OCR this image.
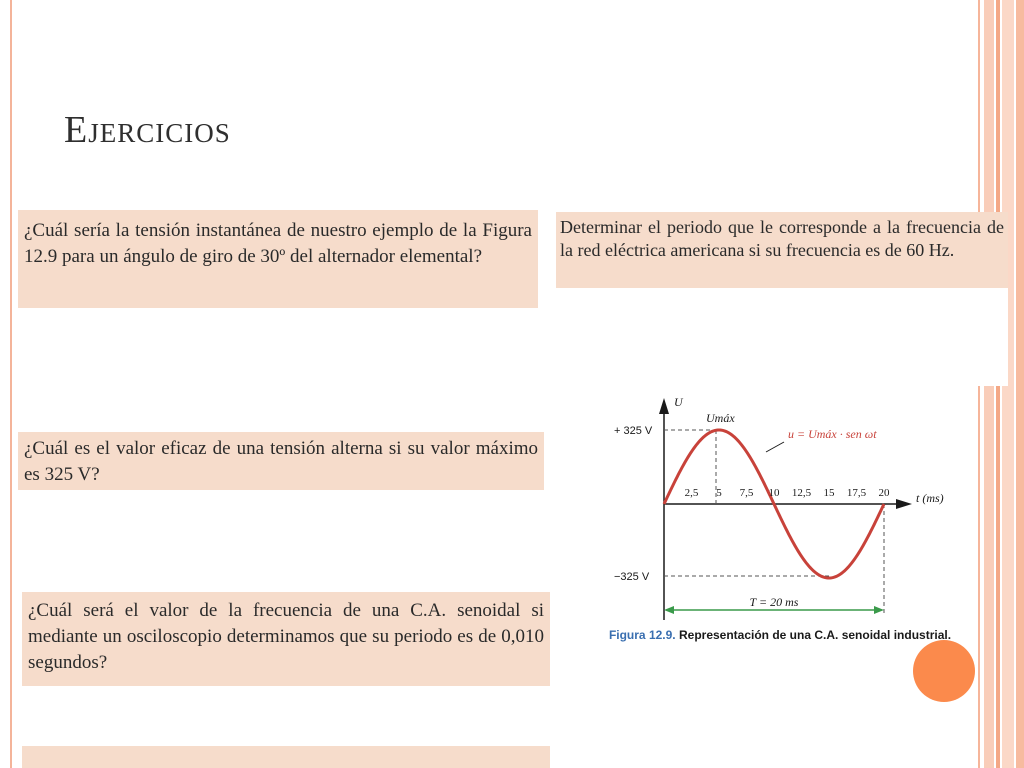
Ejercicios

¿Cuál sería la tensión instantánea de nuestro ejemplo de la Figura 12.9 para un ángulo de giro de 30º del alternador elemental?

Determinar el periodo que le corresponde a la frecuencia de la red eléctrica americana si su frecuencia es de 60 Hz.

¿Cuál es el valor eficaz de una tensión alterna si su valor máximo es 325 V?

¿Cuál será el valor de la frecuencia de una C.A. senoidal si mediante un osciloscopio determinamos que su periodo es de 0,010 segundos?

U
t (ms)
+ 325 V
−325 V
Umáx
u = Umáx · sen ωt
2,5 5 7,5 10 12,5 15 17,5 20
T = 20 ms
Figura 12.9. Representación de una C.A. senoidal industrial.
